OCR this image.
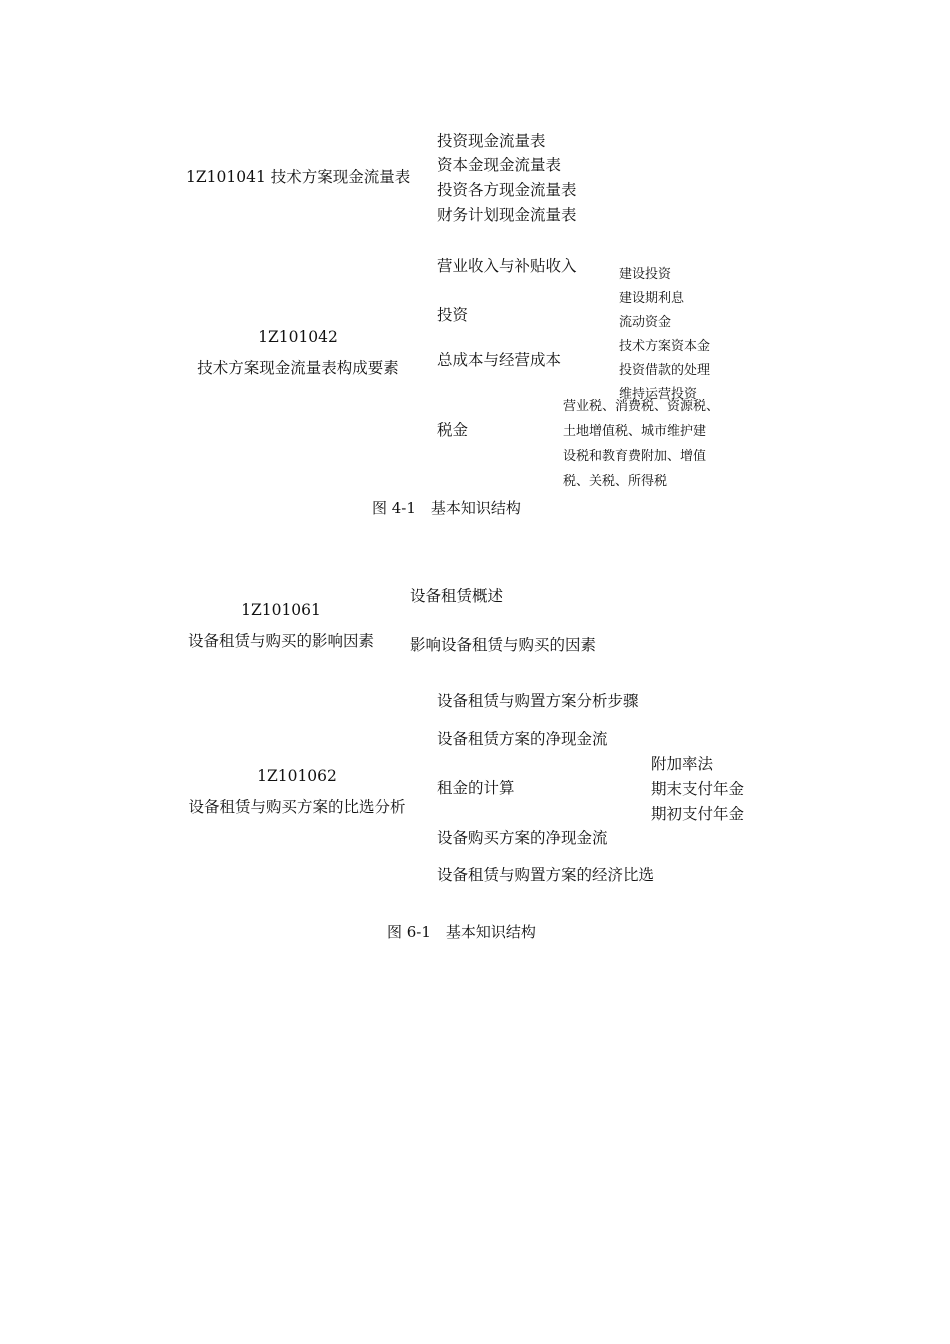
1Z101041 技术方案现金流量表
投资现金流量表
资本金现金流量表
投资各方现金流量表
财务计划现金流量表
1Z101042
技术方案现金流量表构成要素
营业收入与补贴收入
投资
总成本与经营成本
税金
建设投资
建设期利息
流动资金
技术方案资本金
投资借款的处理
维持运营投资
营业税、消费税、资源税、
土地增值税、城市维护建
设税和教育费附加、增值
税、关税、所得税
图 4-1　基本知识结构
1Z101061
设备租赁与购买的影响因素
设备租赁概述
影响设备租赁与购买的因素
1Z101062
设备租赁与购买方案的比选分析
设备租赁与购置方案分析步骤
设备租赁方案的净现金流
租金的计算
设备购买方案的净现金流
设备租赁与购置方案的经济比选
附加率法
期末支付年金
期初支付年金
图 6-1　基本知识结构
